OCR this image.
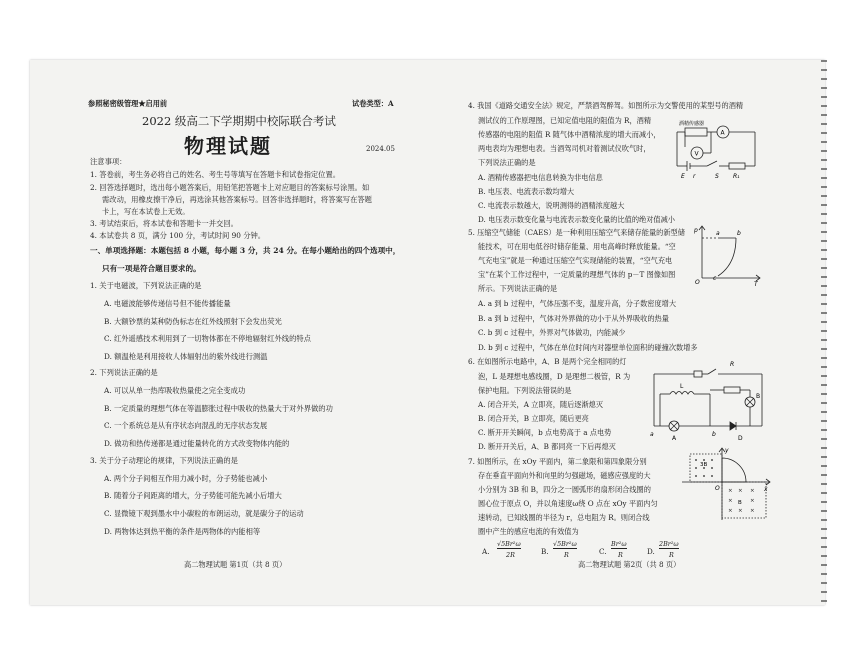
参照秘密级管理★启用前	试卷类型：A
2022 级高二下学期期中校际联合考试
物理试题	2024.05
注意事项：
1. 答卷前，考生务必将自己的姓名、考生号等填写在答题卡和试卷指定位置。
2. 回答选择题时，选出每小题答案后，用铅笔把答题卡上对应题目的答案标号涂黑。如
需改动，用橡皮擦干净后，再选涂其他答案标号。回答非选择题时，将答案写在答题
卡上，写在本试卷上无效。
3. 考试结束后，将本试卷和答题卡一并交回。
4. 本试卷共 8 页，满分 100 分，考试时间 90 分钟。
一、单项选择题：本题包括 8 小题，每小题 3 分，共 24 分。在每小题给出的四个选项中，
只有一项是符合题目要求的。
1. 关于电磁波，下列说法正确的是
A. 电磁波能够传递信号但不能传播能量
B. 大额钞票的某种防伪标志在红外线照射下会发出荧光
C. 红外遥感技术利用到了一切物体都在不停地辐射红外线的特点
D. 额温枪是利用接收人体辐射出的紫外线进行测温
2. 下列说法正确的是
A. 可以从单一热库吸收热量使之完全变成功
B. 一定质量的理想气体在等温膨胀过程中吸收的热量大于对外界做的功
C. 一个系统总是从有序状态向混乱的无序状态发展
D. 做功和热传递都是通过能量转化的方式改变物体内能的
3. 关于分子动理论的规律，下列说法正确的是
A. 两个分子间相互作用力减小时，分子势能也减小
B. 随着分子间距离的增大，分子势能可能先减小后增大
C. 显微镜下观到墨水中小碳粒的布朗运动，就是碳分子的运动
D. 两物体达到热平衡的条件是两物体的内能相等
高二物理试题 第1页（共 8 页）
4. 我国《道路交通安全法》规定，严禁酒驾醉驾。如图所示为交警使用的某型号的酒精
测试仪的工作原理图，已知定值电阻的阻值为 R，酒精
传感器的电阻的阻值 R 随气体中酒精浓度的增大而减小，
两电表均为理想电表。当酒驾司机对着测试仪吹气时，
下列说法正确的是
A. 酒精传感器把电信息转换为非电信息
B. 电压表、电流表示数均增大
C. 电流表示数越大，说明测得的酒精浓度越大
D. 电压表示数变化量与电流表示数变化量的比值的绝对值减小
酒精传感器
A
V
E r	S R₁
5. 压缩空气储能（CAES）是一种利用压缩空气来储存能量的新型储
能技术，可在用电低谷时储存能量、用电高峰时释放能量。“空
气充电宝”就是一种通过压缩空气实现储能的装置，“空气充电
宝”在某个工作过程中，一定质量的理想气体的 p－T 图像如图
所示。下列说法正确的是
A. a 到 b 过程中，气体压强不变，温度升高，分子数密度增大
B. a 到 b 过程中，气体对外界做的功小于从外界吸收的热量
C. b 到 c 过程中，外界对气体做功，内能减少
D. b 到 c 过程中，气体在单位时间内对器壁单位面积的碰撞次数增多
p
T
O
a	b
c
6. 在如图所示电路中，A、B 是两个完全相同的灯
泡，L 是理想电感线圈，D 是理想二极管，R 为
保护电阻。下列说法错误的是
A. 闭合开关，A 立即亮，随后逐渐熄灭
B. 闭合开关，B 立即亮，随后更亮
C. 断开开关瞬间，b 点电势高于 a 点电势
D. 断开开关后，A、B 都同亮一下后再熄灭
R
L
A
B
D
a	b
7. 如图所示，在 xOy 平面内，第二象限和第四象限分别
存在垂直平面向外和向里的匀强磁场，磁感应强度的大
小分别为 3B 和 B，四分之一圆弧形的扇形闭合线圈的
圆心位于原点 O，并以角速度ω绕 O 点在 xOy 平面内匀
速转动，已知线圈的半径为 r，总电阻为 R。则闭合线
圈中产生的感应电流的有效值为
A.
√5Br²ω
2R	B.
√5Br²ω
R	C.
Br²ω
R	D.
2Br²ω
R
× × ×
×	×
× × ×
y
x
O
3B
B
高二物理试题 第2页（共 8 页）
